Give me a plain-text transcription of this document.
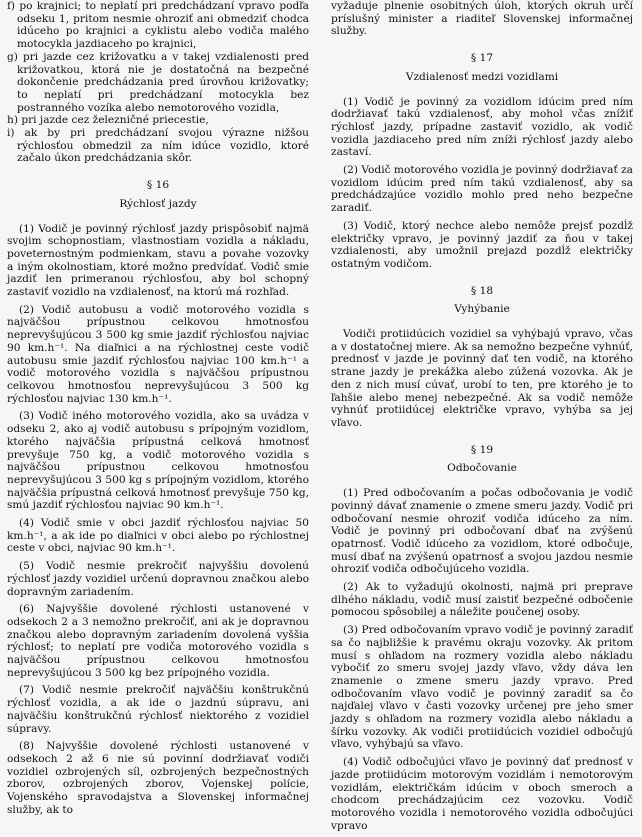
f) po krajnici; to neplatí pri predchádzaní vpravo podľa odseku 1, pritom nesmie ohroziť ani obmedziť chodca idúceho po krajnici a cyklistu alebo vodiča malého motocykla jazdiaceho po krajnici,

g) pri jazde cez križovatku a v takej vzdialenosti pred križovatkou, ktorá nie je dostatočná na bezpečné dokončenie predchádzania pred úrovňou križovatky; to neplatí pri predchádzaní motocykla bez postranného vozíka alebo nemotorového vozidla,

h) pri jazde cez železničné priecestie,

i) ak by pri predchádzaní svojou výrazne nižšou rýchlosťou obmedzil za ním idúce vozidlo, ktoré začalo úkon predchádzania skôr.

§ 16
Rýchlosť jazdy

(1) Vodič je povinný rýchlosť jazdy prispôsobiť najmä svojim schopnostiam, vlastnostiam vozidla a nákladu, poveternostným podmienkam, stavu a povahe vozovky a iným okolnostiam, ktoré možno predvídať. Vodič smie jazdiť len primeranou rýchlosťou, aby bol schopný zastaviť vozidlo na vzdialenosť, na ktorú má rozhľad.

(2) Vodič autobusu a vodič motorového vozidla s najväčšou prípustnou celkovou hmotnosťou neprevyšujúcou 3 500 kg smie jazdiť rýchlosťou najviac 90 km.h⁻¹. Na diaľnici a na rýchlostnej ceste vodič autobusu smie jazdiť rýchlosťou najviac 100 km.h⁻¹ a vodič motorového vozidla s najväčšou prípustnou celkovou hmotnosťou neprevyšujúcou 3 500 kg rýchlosťou najviac 130 km.h⁻¹.

(3) Vodič iného motorového vozidla, ako sa uvádza v odseku 2, ako aj vodič autobusu s prípojným vozidlom, ktorého najväčšia prípustná celková hmotnosť prevyšuje 750 kg, a vodič motorového vozidla s najväčšou prípustnou celkovou hmotnosťou neprevyšujúcou 3 500 kg s prípojným vozidlom, ktorého najväčšia prípustná celková hmotnosť prevyšuje 750 kg, smú jazdiť rýchlosťou najviac 90 km.h⁻¹.

(4) Vodič smie v obci jazdiť rýchlosťou najviac 50 km.h⁻¹, a ak ide po diaľnici v obci alebo po rýchlostnej ceste v obci, najviac 90 km.h⁻¹.

(5) Vodič nesmie prekročiť najvyššiu dovolenú rýchlosť jazdy vozidiel určenú dopravnou značkou alebo dopravným zariadením.

(6) Najvyššie dovolené rýchlosti ustanovené v odsekoch 2 a 3 nemožno prekročiť, ani ak je dopravnou značkou alebo dopravným zariadením dovolená vyššia rýchlosť; to neplatí pre vodiča motorového vozidla s najväčšou prípustnou celkovou hmotnosťou neprevyšujúcou 3 500 kg bez prípojného vozidla.

(7) Vodič nesmie prekročiť najväčšiu konštrukčnú rýchlosť vozidla, a ak ide o jazdnú súpravu, ani najväčšiu konštrukčnú rýchlosť niektorého z vozidiel súpravy.

(8) Najvyššie dovolené rýchlosti ustanovené v odsekoch 2 až 6 nie sú povinní dodržiavať vodiči vozidiel ozbrojených síl, ozbrojených bezpečnostných zborov, ozbrojených zborov, Vojenskej polície, Vojenského spravodajstva a Slovenskej informačnej služby, ak to

vyžaduje plnenie osobitných úloh, ktorých okruh určí príslušný minister a riaditeľ Slovenskej informačnej služby.

§ 17
Vzdialenosť medzi vozidlami

(1) Vodič je povinný za vozidlom idúcim pred ním dodržiavať takú vzdialenosť, aby mohol včas znížiť rýchlosť jazdy, prípadne zastaviť vozidlo, ak vodič vozidla jazdiaceho pred ním zníži rýchlosť jazdy alebo zastaví.

(2) Vodič motorového vozidla je povinný dodržiavať za vozidlom idúcim pred ním takú vzdialenosť, aby sa predchádzajúce vozidlo mohlo pred neho bezpečne zaradiť.

(3) Vodič, ktorý nechce alebo nemôže prejsť pozdĺž električky vpravo, je povinný jazdiť za ňou v takej vzdialenosti, aby umožnil prejazd pozdĺž električky ostatným vodičom.

§ 18
Vyhýbanie

Vodiči protiidúcich vozidiel sa vyhýbajú vpravo, včas a v dostatočnej miere. Ak sa nemožno bezpečne vyhnúť, prednosť v jazde je povinný dať ten vodič, na ktorého strane jazdy je prekážka alebo zúžená vozovka. Ak je den z nich musí cúvať, urobí to ten, pre ktorého je to ľahšie alebo menej nebezpečné. Ak sa vodič nemôže vyhnúť protiidúcej električke vpravo, vyhýba sa jej vľavo.

§ 19
Odbočovanie

(1) Pred odbočovaním a počas odbočovania je vodič povinný dávať znamenie o zmene smeru jazdy. Vodič pri odbočovaní nesmie ohroziť vodiča idúceho za ním. Vodič je povinný pri odbočovaní dbať na zvýšenú opatrnosť. Vodič idúceho za vozidlom, ktoré odbočuje, musí dbať na zvýšenú opatrnosť a svojou jazdou nesmie ohroziť vodiča odbočujúceho vozidla.

(2) Ak to vyžadujú okolnosti, najmä pri preprave dlhého nákladu, vodič musí zaistiť bezpečné odbočenie pomocou spôsobilej a náležite poučenej osoby.

(3) Pred odbočovaním vpravo vodič je povinný zaradiť sa čo najbližšie k pravému okraju vozovky. Ak pritom musí s ohľadom na rozmery vozidla alebo nákladu vybočiť zo smeru svojej jazdy vľavo, vždy dáva len znamenie o zmene smeru jazdy vpravo. Pred odbočovaním vľavo vodič je povinný zaradiť sa čo najďalej vľavo v časti vozovky určenej pre jeho smer jazdy s ohľadom na rozmery vozidla alebo nákladu a šírku vozovky. Ak vodiči protiidúcich vozidiel odbočujú vľavo, vyhýbajú sa vľavo.

(4) Vodič odbočujúci vľavo je povinný dať prednosť v jazde protiidúcim motorovým vozidlám i nemotorovým vozidlám, električkám idúcim v oboch smeroch a chodcom prechádzajúcim cez vozovku. Vodič motorového vozidla i nemotorového vozidla odbočujúci vpravo
